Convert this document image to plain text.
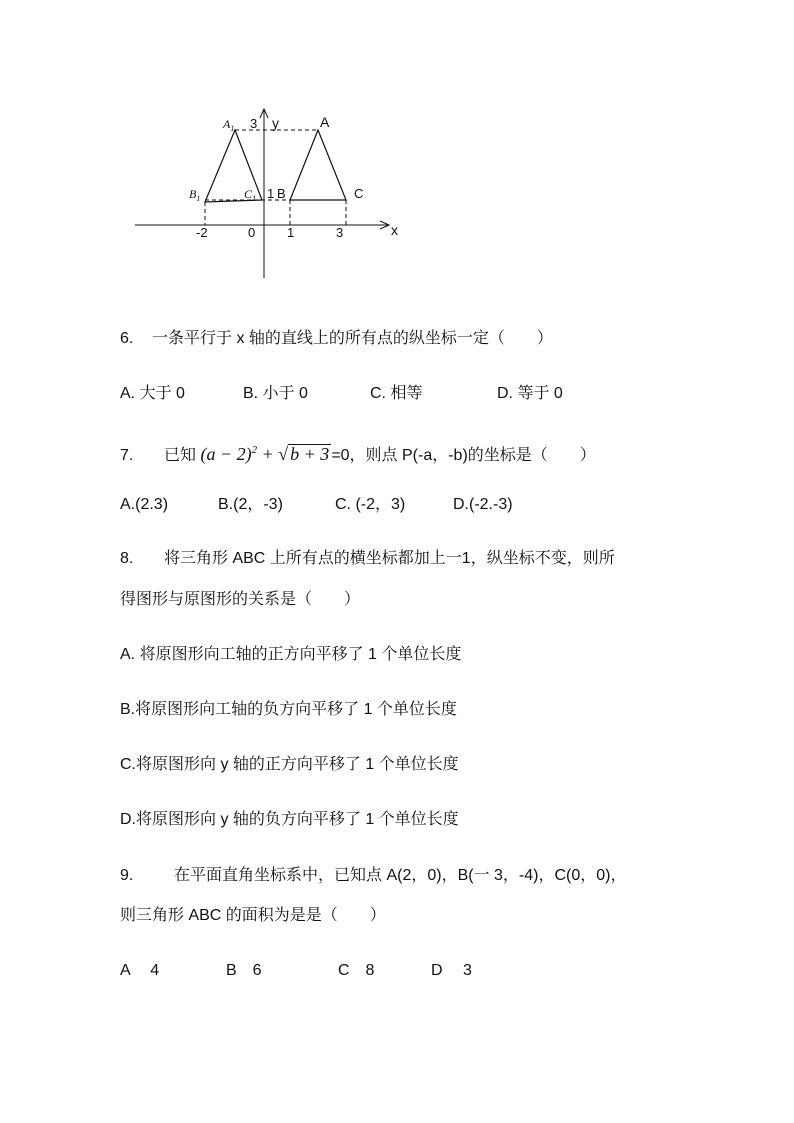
$A_1$ 3 y	A
$B_1$	$C_1$ 1 B	C
-2	0 1	3	x
6. 一条平行于 x 轴的直线上的所有点的纵坐标一定（　　）
A. 大于 0	B. 小于 0	C. 相等	D. 等于 0
7. 已知 $(a - 2)^2$ + √ b + 3 =0，则点 P(-a，-b)的坐标是（　　）
A.(2.3)	B.(2，-3)	C. (-2，3)	D.(-2.-3)
8. 将三角形 ABC 上所有点的横坐标都加上一1，纵坐标不变，则所
得图形与原图形的关系是（　　）
A. 将原图形向工轴的正方向平移了 1 个单位长度
B.将原图形向工轴的负方向平移了 1 个单位长度
C.将原图形向 y 轴的正方向平移了 1 个单位长度
D.将原图形向 y 轴的负方向平移了 1 个单位长度
9.	在平面直角坐标系中，已知点 A(2，0)，B(一 3，-4)，C(0，0)，
则三角形 ABC 的面积为是是（　　）
A　 4	B　6	C　8	D　 3
